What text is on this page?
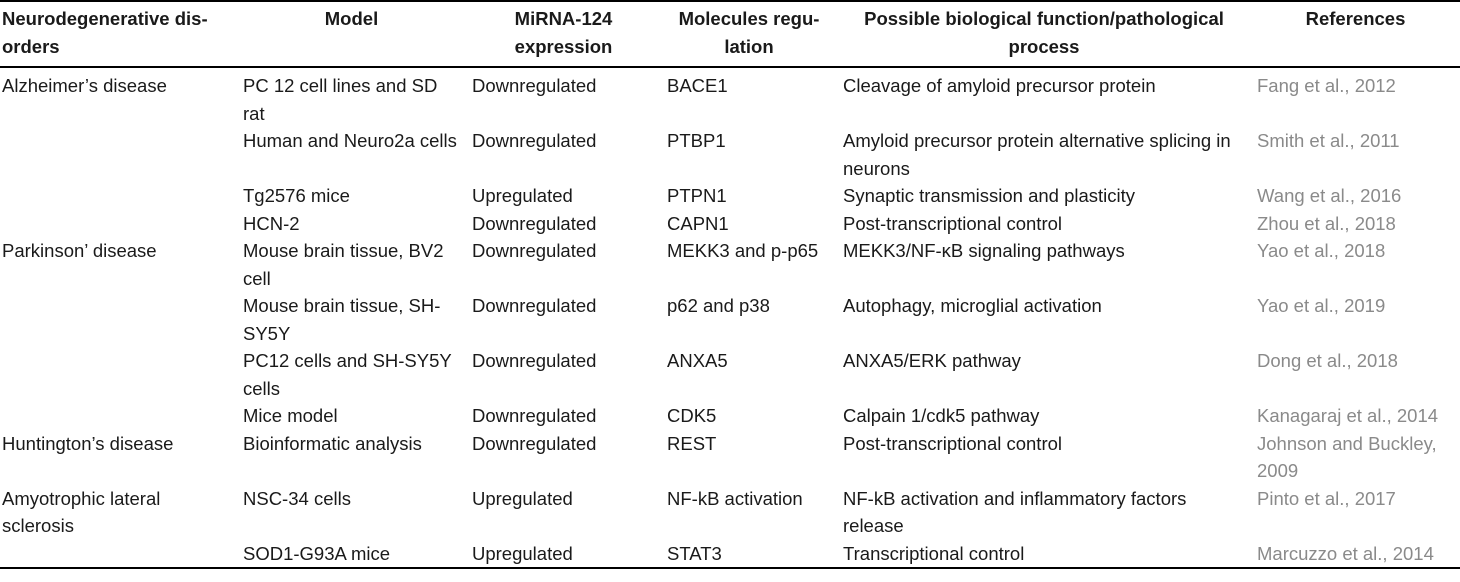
Neurodegenerative dis-orders	Model	MiRNA-124 expression	Molecules regu-lation	Possible biological function/pathological process	References
Alzheimer’s disease	PC 12 cell lines and SD rat	Downregulated	BACE1	Cleavage of amyloid precursor protein	Fang et al., 2012
	Human and Neuro2a cells	Downregulated	PTBP1	Amyloid precursor protein alternative splicing in neurons	Smith et al., 2011
	Tg2576 mice	Upregulated	PTPN1	Synaptic transmission and plasticity	Wang et al., 2016
	HCN-2	Downregulated	CAPN1	Post-transcriptional control	Zhou et al., 2018
Parkinson’ disease	Mouse brain tissue, BV2 cell	Downregulated	MEKK3 and p-p65	MEKK3/NF-κB signaling pathways	Yao et al., 2018
	Mouse brain tissue, SH-SY5Y	Downregulated	p62 and p38	Autophagy, microglial activation	Yao et al., 2019
	PC12 cells and SH-SY5Y cells	Downregulated	ANXA5	ANXA5/ERK pathway	Dong et al., 2018
	Mice model	Downregulated	CDK5	Calpain 1/cdk5 pathway	Kanagaraj et al., 2014
Huntington’s disease	Bioinformatic analysis	Downregulated	REST	Post-transcriptional control	Johnson and Buckley, 2009
Amyotrophic lateral sclerosis	NSC-34 cells	Upregulated	NF-kB activation	NF-kB activation and inflammatory factors release	Pinto et al., 2017
	SOD1-G93A mice	Upregulated	STAT3	Transcriptional control	Marcuzzo et al., 2014
